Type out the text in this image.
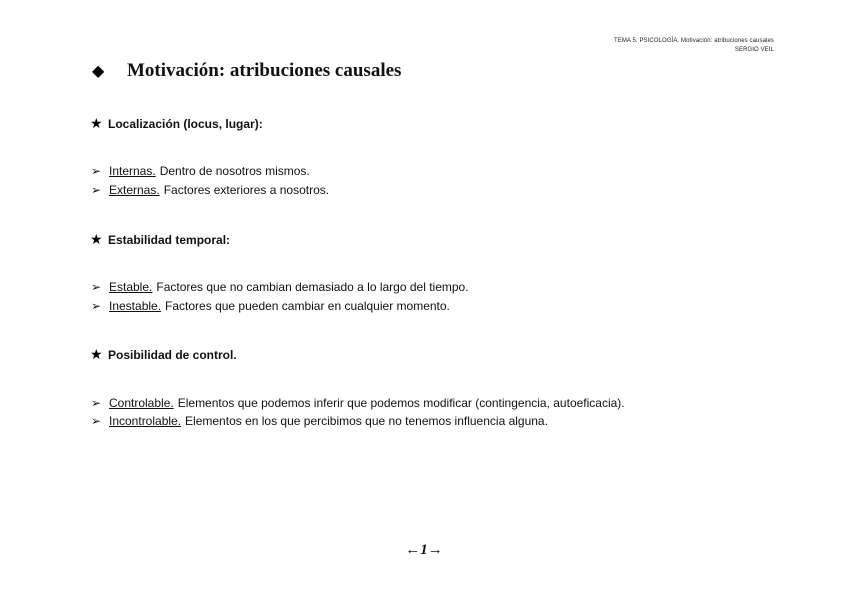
TEMA 5. PSICOLOGÍA. Motivación: atribuciones causales
SERGIO VEIL
◆	Motivación: atribuciones causales
★ Localización (locus, lugar):
➢ Internas. Dentro de nosotros mismos.
➢ Externas. Factores exteriores a nosotros.
★ Estabilidad temporal:
➢ Estable. Factores que no cambian demasiado a lo largo del tiempo.
➢ Inestable. Factores que pueden cambiar en cualquier momento.
★ Posibilidad de control.
➢ Controlable. Elementos que podemos inferir que podemos modificar (contingencia, autoeficacia).
➢ Incontrolable. Elementos en los que percibimos que no tenemos influencia alguna.
←1→
